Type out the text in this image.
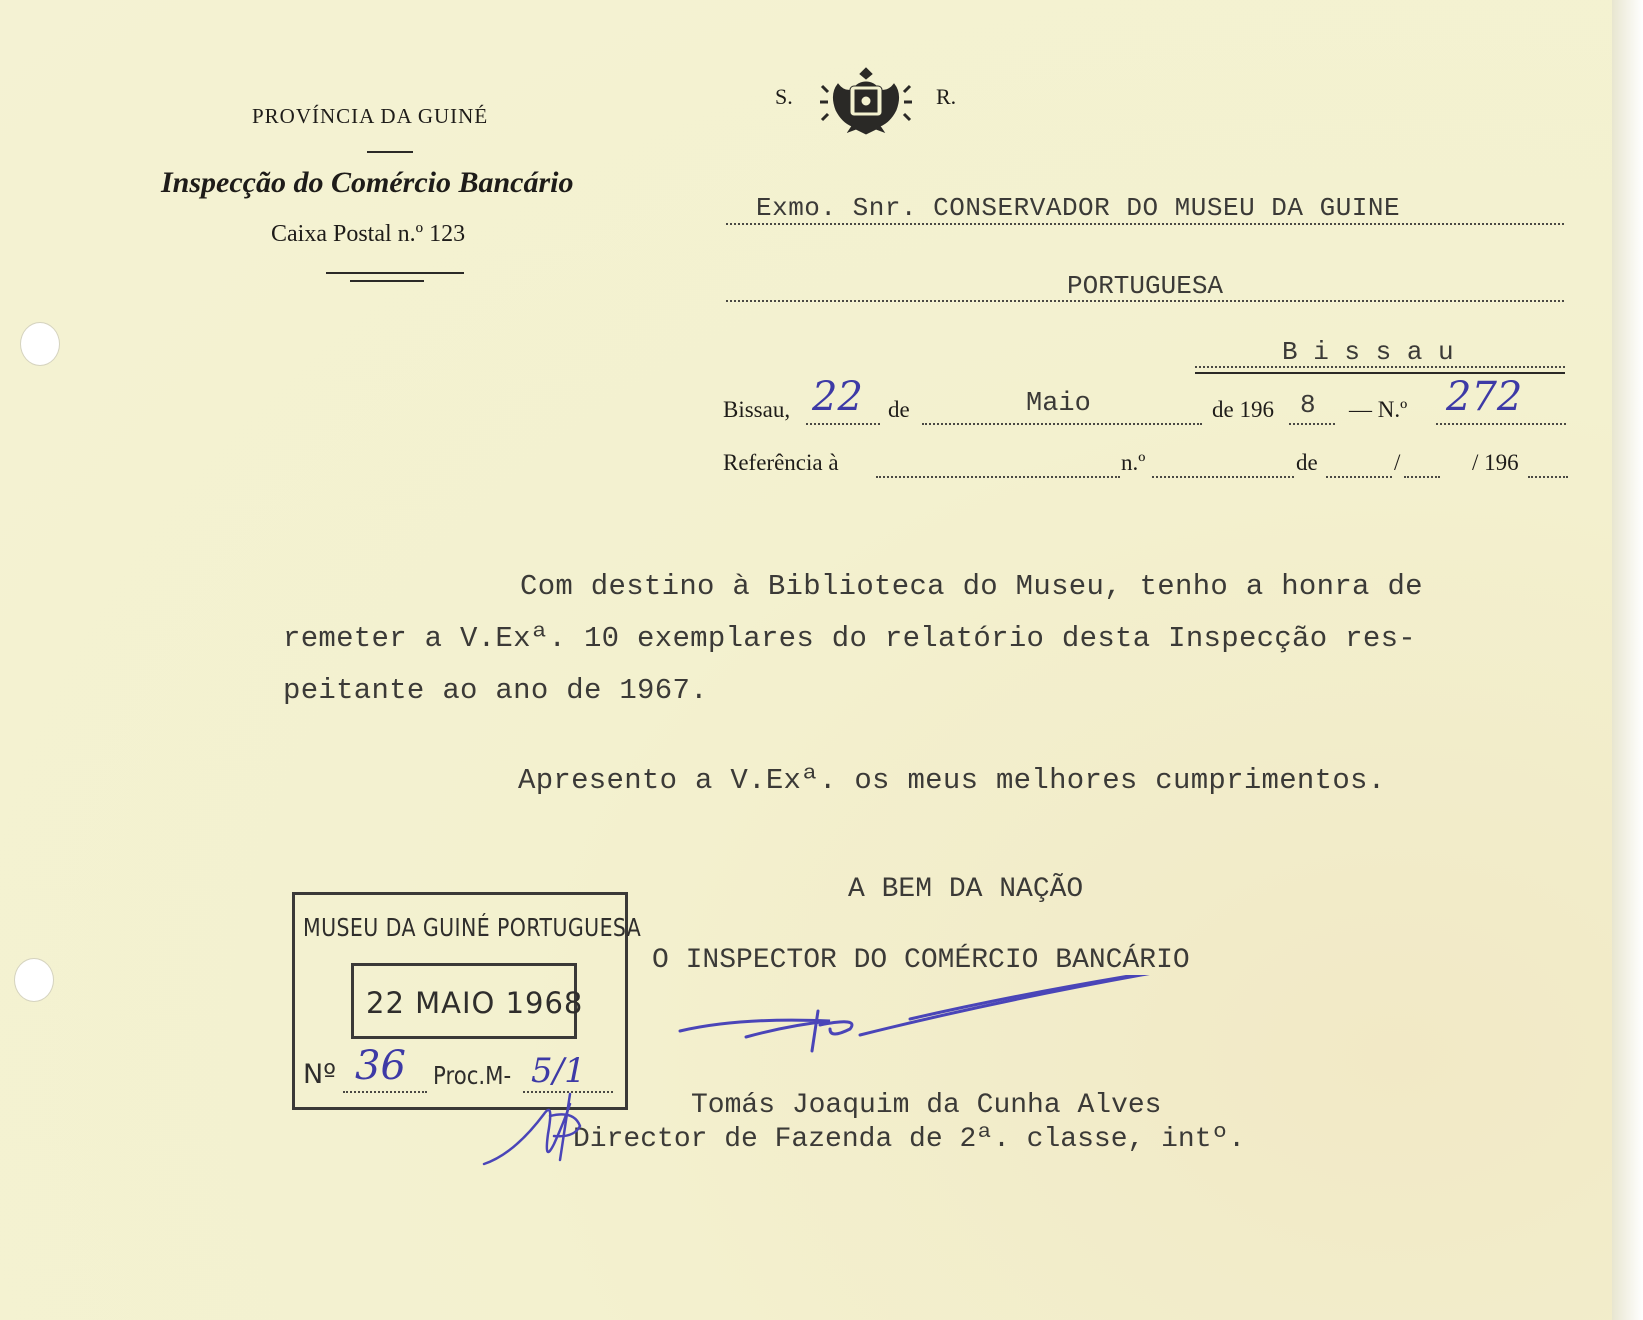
PROVÍNCIA DA GUINÉ
Inspecção do Comércio Bancário
Caixa Postal n.º 123
S.	R.
Exmo. Snr. CONSERVADOR DO MUSEU DA GUINE
PORTUGUESA
B i s s a u
Bissau, 22 de	Maio	de 196 8 — N.º 272
Referência à	n.º	de	/	/ 196
Com destino à Biblioteca do Museu, tenho a honra de
remeter a V.Exª. 10 exemplares do relatório desta Inspecção res-
peitante ao ano de 1967.
Apresento a V.Exª. os meus melhores cumprimentos.
A BEM DA NAÇÃO
O INSPECTOR DO COMÉRCIO BANCÁRIO
Tomás Joaquim da Cunha Alves
Director de Fazenda de 2ª. classe, intº.
MUSEU DA GUINÉ PORTUGUESA
22 MAIO 1968
Nº 36 Proc.M- 5/1
